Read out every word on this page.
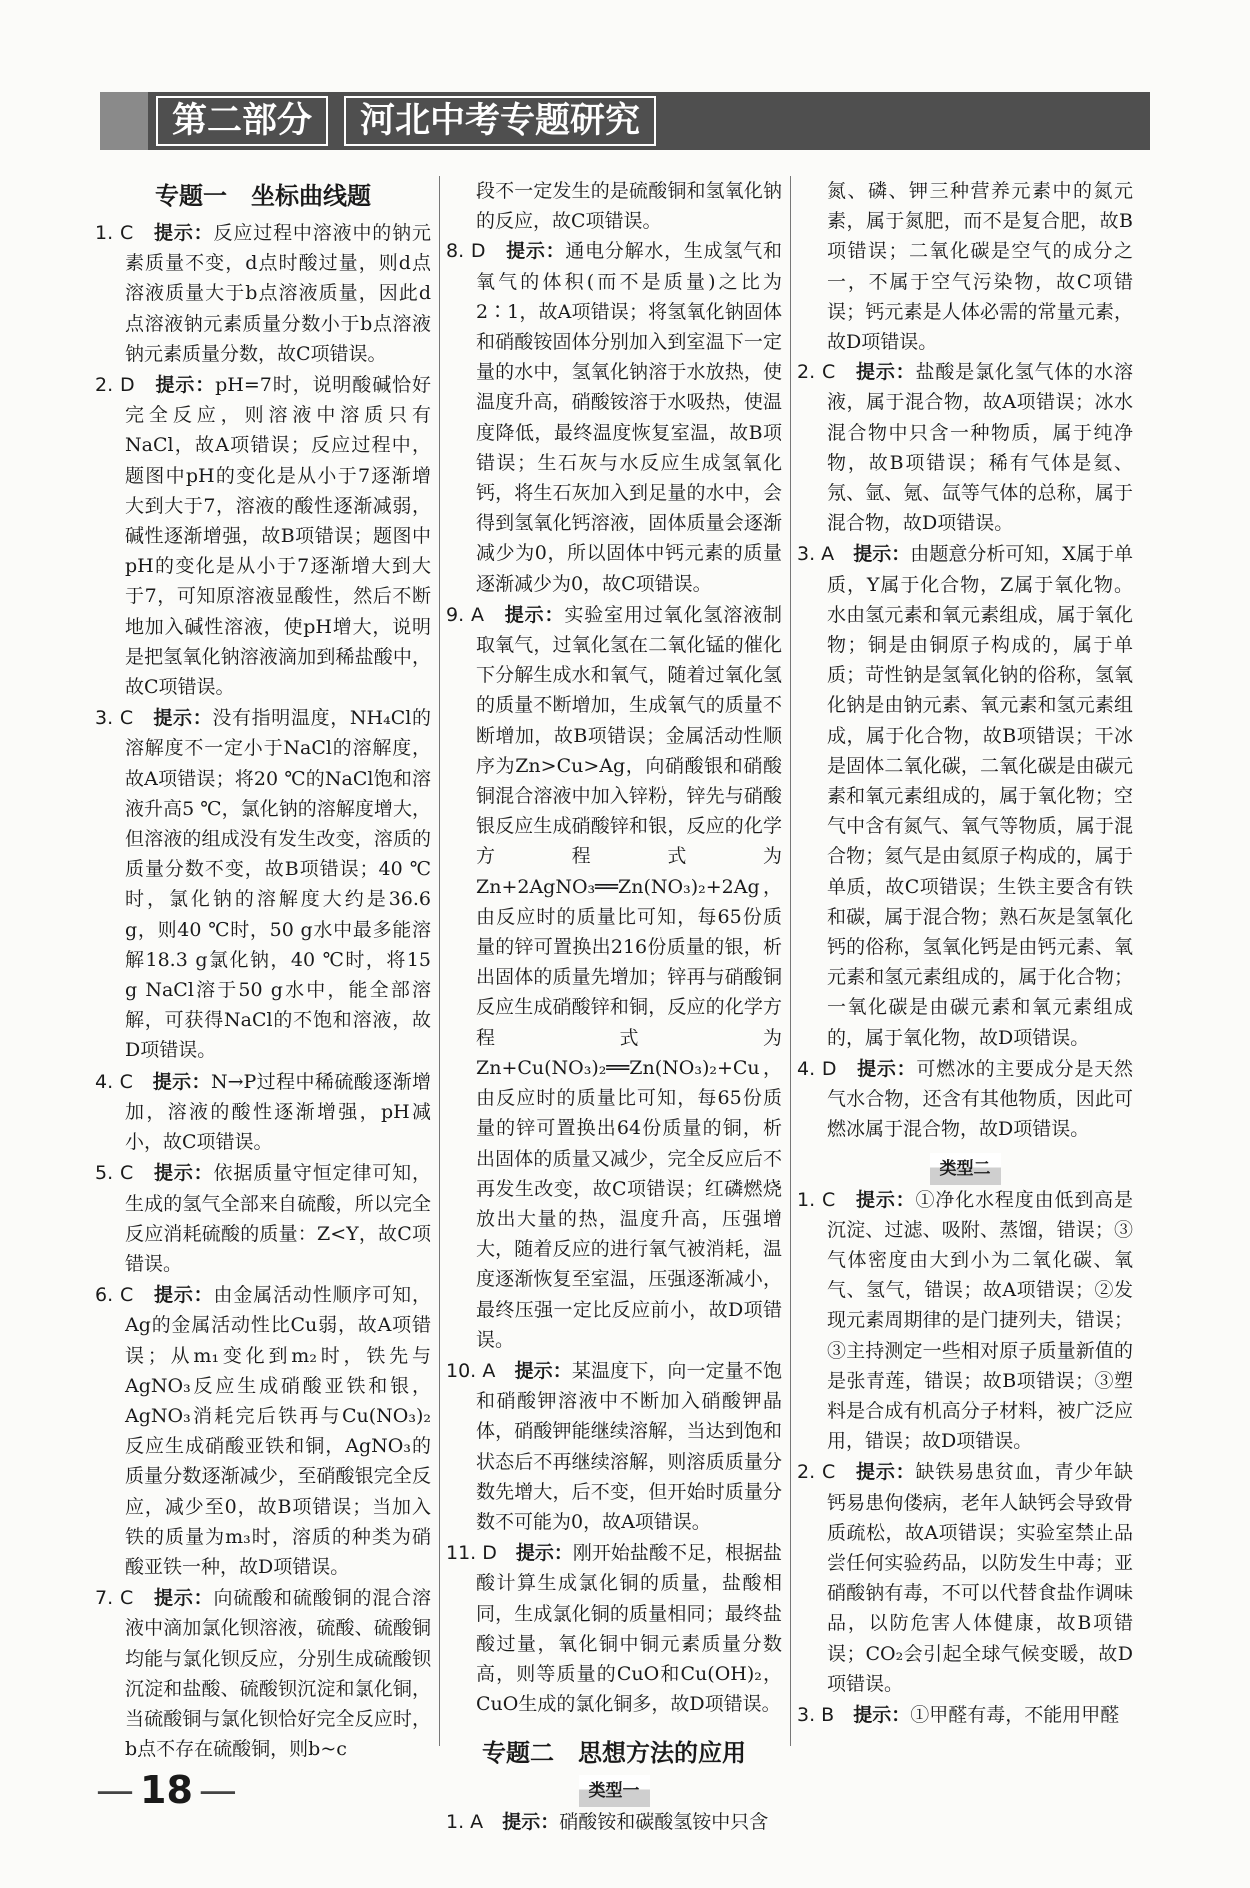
第二部分	河北中考专题研究
专题一　坐标曲线题
1. C　 提示：反应过程中溶液中的钠元素质量不变，d点时酸过量，则d点溶液质量大于b点溶液质量，因此d点溶液钠元素质量分数小于b点溶液钠元素质量分数，故C项错误。
2. D　 提示：pH=7时，说明酸碱恰好完全反应，则溶液中溶质只有NaCl，故A项错误；反应过程中，题图中pH的变化是从小于7逐渐增大到大于7，溶液的酸性逐渐减弱，碱性逐渐增强，故B项错误；题图中pH的变化是从小于7逐渐增大到大于7，可知原溶液显酸性，然后不断地加入碱性溶液，使pH增大，说明是把氢氧化钠溶液滴加到稀盐酸中，故C项错误。
3. C　 提示：没有指明温度，NH₄Cl的溶解度不一定小于NaCl的溶解度，故A项错误；将20 ℃的NaCl饱和溶液升高5 ℃，氯化钠的溶解度增大，但溶液的组成没有发生改变，溶质的质量分数不变，故B项错误；40 ℃时，氯化钠的溶解度大约是36.6 g，则40 ℃时，50 g水中最多能溶解18.3 g氯化钠，40 ℃时，将15 g NaCl溶于50 g水中，能全部溶解，可获得NaCl的不饱和溶液，故D项错误。
4. C　 提示：N→P过程中稀硫酸逐渐增加，溶液的酸性逐渐增强，pH减小，故C项错误。
5. C　 提示：依据质量守恒定律可知，生成的氢气全部来自硫酸，所以完全反应消耗硫酸的质量：Z<Y，故C项错误。
6. C　 提示：由金属活动性顺序可知，Ag的金属活动性比Cu弱，故A项错误；从m₁变化到m₂时，铁先与AgNO₃反应生成硝酸亚铁和银，AgNO₃消耗完后铁再与Cu(NO₃)₂反应生成硝酸亚铁和铜，AgNO₃的质量分数逐渐减少，至硝酸银完全反应，减少至0，故B项错误；当加入铁的质量为m₃时，溶质的种类为硝酸亚铁一种，故D项错误。
7. C　 提示：向硫酸和硫酸铜的混合溶液中滴加氯化钡溶液，硫酸、硫酸铜均能与氯化钡反应，分别生成硫酸钡沉淀和盐酸、硫酸钡沉淀和氯化铜，当硫酸铜与氯化钡恰好完全反应时，b点不存在硫酸铜，则b~c
段不一定发生的是硫酸铜和氢氧化钠的反应，故C项错误。
8. D　 提示：通电分解水，生成氢气和氧气的体积(而不是质量)之比为2∶1，故A项错误；将氢氧化钠固体和硝酸铵固体分别加入到室温下一定量的水中，氢氧化钠溶于水放热，使温度升高，硝酸铵溶于水吸热，使温度降低，最终温度恢复室温，故B项错误；生石灰与水反应生成氢氧化钙，将生石灰加入到足量的水中，会得到氢氧化钙溶液，固体质量会逐渐减少为0，所以固体中钙元素的质量逐渐减少为0，故C项错误。
9. A　 提示：实验室用过氧化氢溶液制取氧气，过氧化氢在二氧化锰的催化下分解生成水和氧气，随着过氧化氢的质量不断增加，生成氧气的质量不断增加，故B项错误；金属活动性顺序为Zn>Cu>Ag，向硝酸银和硝酸铜混合溶液中加入锌粉，锌先与硝酸银反应生成硝酸锌和银，反应的化学方程式为Zn+2AgNO₃══Zn(NO₃)₂+2Ag，由反应时的质量比可知，每65份质量的锌可置换出216份质量的银，析出固体的质量先增加；锌再与硝酸铜反应生成硝酸锌和铜，反应的化学方程式为Zn+Cu(NO₃)₂══Zn(NO₃)₂+Cu，由反应时的质量比可知，每65份质量的锌可置换出64份质量的铜，析出固体的质量又减少，完全反应后不再发生改变，故C项错误；红磷燃烧放出大量的热，温度升高，压强增大，随着反应的进行氧气被消耗，温度逐渐恢复至室温，压强逐渐减小，最终压强一定比反应前小，故D项错误。
10. A　 提示：某温度下，向一定量不饱和硝酸钾溶液中不断加入硝酸钾晶体，硝酸钾能继续溶解，当达到饱和状态后不再继续溶解，则溶质质量分数先增大，后不变，但开始时质量分数不可能为0，故A项错误。
11. D　 提示：刚开始盐酸不足，根据盐酸计算生成氯化铜的质量，盐酸相同，生成氯化铜的质量相同；最终盐酸过量，氧化铜中铜元素质量分数高，则等质量的CuO和Cu(OH)₂，CuO生成的氯化铜多，故D项错误。
专题二　思想方法的应用
类型一
1. A　 提示：硝酸铵和碳酸氢铵中只含
氮、磷、钾三种营养元素中的氮元素，属于氮肥，而不是复合肥，故B项错误；二氧化碳是空气的成分之一，不属于空气污染物，故C项错误；钙元素是人体必需的常量元素，故D项错误。
2. C　 提示：盐酸是氯化氢气体的水溶液，属于混合物，故A项错误；冰水混合物中只含一种物质，属于纯净物，故B项错误；稀有气体是氦、氖、氩、氪、氙等气体的总称，属于混合物，故D项错误。
3. A　 提示：由题意分析可知，X属于单质，Y属于化合物，Z属于氧化物。水由氢元素和氧元素组成，属于氧化物；铜是由铜原子构成的，属于单质；苛性钠是氢氧化钠的俗称，氢氧化钠是由钠元素、氧元素和氢元素组成，属于化合物，故B项错误；干冰是固体二氧化碳，二氧化碳是由碳元素和氧元素组成的，属于氧化物；空气中含有氮气、氧气等物质，属于混合物；氦气是由氦原子构成的，属于单质，故C项错误；生铁主要含有铁和碳，属于混合物；熟石灰是氢氧化钙的俗称，氢氧化钙是由钙元素、氧元素和氢元素组成的，属于化合物；一氧化碳是由碳元素和氧元素组成的，属于氧化物，故D项错误。
4. D　 提示：可燃冰的主要成分是天然气水合物，还含有其他物质，因此可燃冰属于混合物，故D项错误。
类型二
1. C　 提示：①净化水程度由低到高是沉淀、过滤、吸附、蒸馏，错误；③气体密度由大到小为二氧化碳、氧气、氢气，错误；故A项错误；②发现元素周期律的是门捷列夫，错误；③主持测定一些相对原子质量新值的是张青莲，错误；故B项错误；③塑料是合成有机高分子材料，被广泛应用，错误；故D项错误。
2. C　 提示：缺铁易患贫血，青少年缺钙易患佝偻病，老年人缺钙会导致骨质疏松，故A项错误；实验室禁止品尝任何实验药品，以防发生中毒；亚硝酸钠有毒，不可以代替食盐作调味品，以防危害人体健康，故B项错误；CO₂会引起全球气候变暖，故D项错误。
3. B　 提示：①甲醛有毒，不能用甲醛
— 18 —
